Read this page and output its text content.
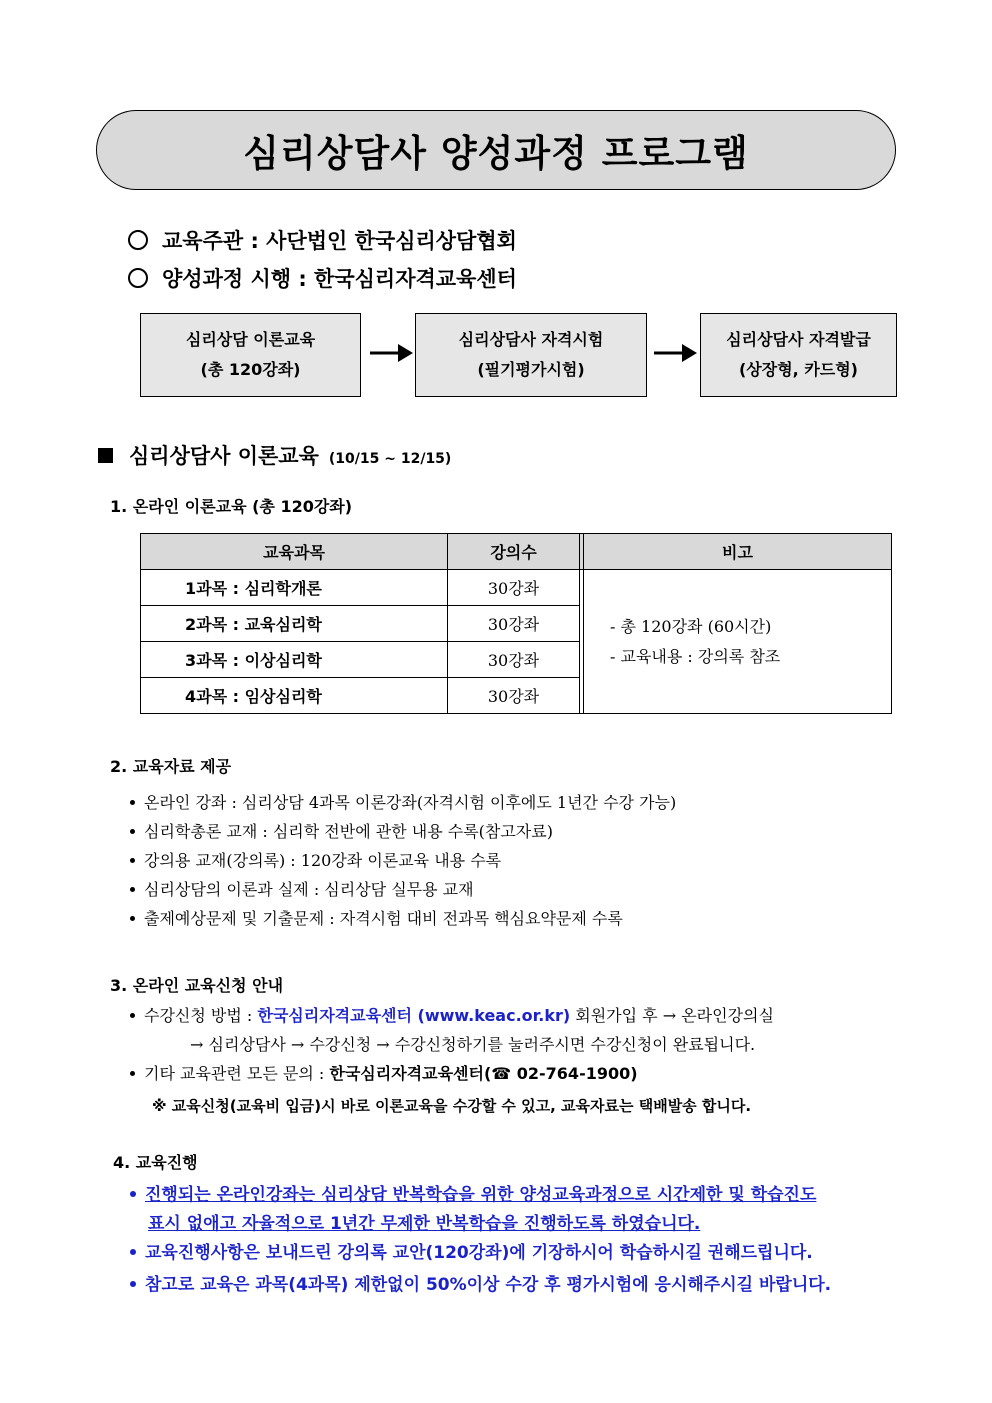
심리상담사 양성과정 프로그램
교육주관 : 사단법인 한국심리상담협회
양성과정 시행 : 한국심리자격교육센터
심리상담 이론교육
(총 120강좌)
심리상담사 자격시험
(필기평가시험)
심리상담사 자격발급
(상장형, 카드형)
심리상담사 이론교육 (10/15 ~ 12/15)
1. 온라인 이론교육 (총 120강좌)
교육과목	강의수		비고
1과목 : 심리학개론	30강좌		- 총 120강좌 (60시간)
- 교육내용 : 강의록 참조

2과목 : 교육심리학	30강좌		
3과목 : 이상심리학	30강좌		
4과목 : 임상심리학	30강좌		
2. 교육자료 제공
온라인 강좌 : 심리상담 4과목 이론강좌(자격시험 이후에도 1년간 수강 가능)
심리학총론 교재 : 심리학 전반에 관한 내용 수록(참고자료)
강의용 교재(강의록) : 120강좌 이론교육 내용 수록
심리상담의 이론과 실제 : 심리상담 실무용 교재
출제예상문제 및 기출문제 : 자격시험 대비 전과목 핵심요약문제 수록
3. 온라인 교육신청 안내
수강신청 방법 : 한국심리자격교육센터 (www.keac.or.kr) 회원가입 후 → 온라인강의실
→ 심리상담사 → 수강신청 → 수강신청하기를 눌러주시면 수강신청이 완료됩니다.
기타 교육관련 모든 문의 : 한국심리자격교육센터(☎ 02-764-1900)
※ 교육신청(교육비 입금)시 바로 이론교육을 수강할 수 있고, 교육자료는 택배발송 합니다.
4. 교육진행
진행되는 온라인강좌는 심리상담 반복학습을 위한 양성교육과정으로 시간제한 및 학습진도
표시 없애고 자율적으로 1년간 무제한 반복학습을 진행하도록 하였습니다.
교육진행사항은 보내드린 강의록 교안(120강좌)에 기장하시어 학습하시길 권해드립니다.
참고로 교육은 과목(4과목) 제한없이 50%이상 수강 후 평가시험에 응시해주시길 바랍니다.
